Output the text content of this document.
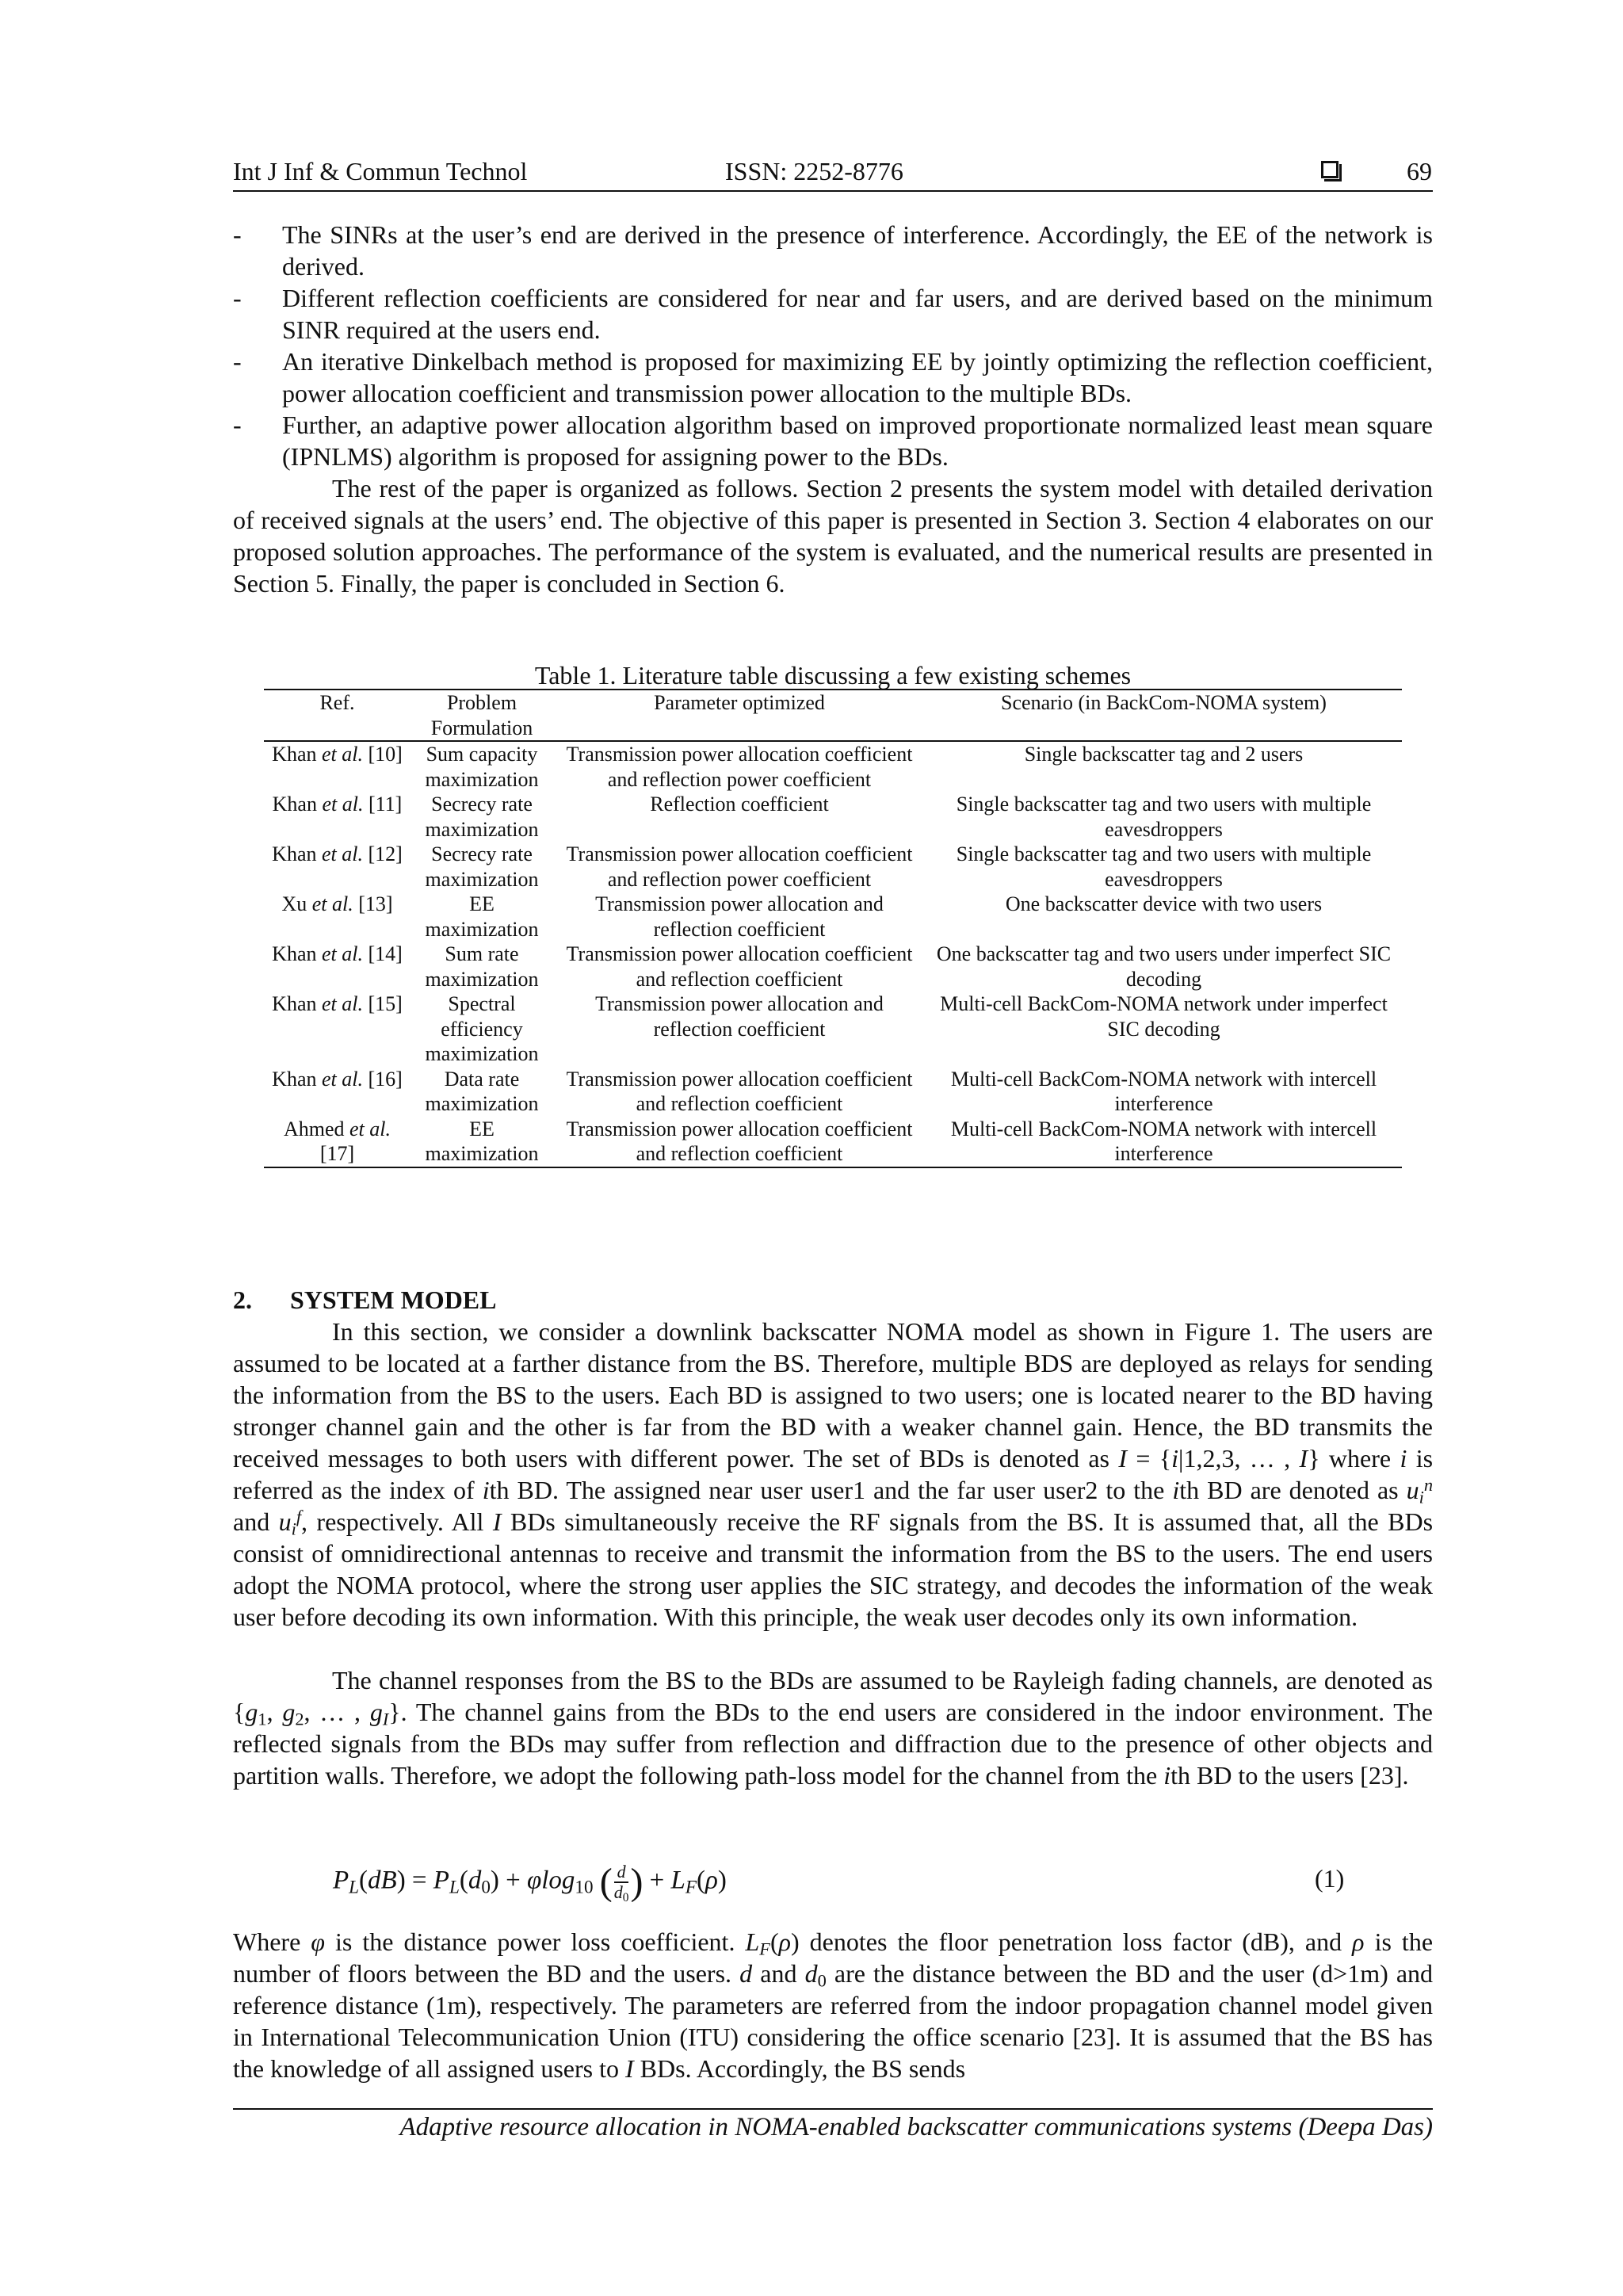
Int J Inf & Commun Technol	ISSN: 2252-8776	69
- The SINRs at the user’s end are derived in the presence of interference. Accordingly, the EE of the network is derived.
- Different reflection coefficients are considered for near and far users, and are derived based on the minimum SINR required at the users end.
- An iterative Dinkelbach method is proposed for maximizing EE by jointly optimizing the reflection coefficient, power allocation coefficient and transmission power allocation to the multiple BDs.
- Further, an adaptive power allocation algorithm based on improved proportionate normalized least mean square (IPNLMS) algorithm is proposed for assigning power to the BDs.
The rest of the paper is organized as follows. Section 2 presents the system model with detailed derivation of received signals at the users’ end. The objective of this paper is presented in Section 3. Section 4 elaborates on our proposed solution approaches. The performance of the system is evaluated, and the numerical results are presented in Section 5. Finally, the paper is concluded in Section 6.
Table 1. Literature table discussing a few existing schemes
Ref.	Problem Formulation	Parameter optimized	Scenario (in BackCom-NOMA system)
Khan et al. [10]	Sum capacity maximization	Transmission power allocation coefficient and reflection power coefficient	Single backscatter tag and 2 users
Khan et al. [11]	Secrecy rate maximization	Reflection coefficient	Single backscatter tag and two users with multiple eavesdroppers
Khan et al. [12]	Secrecy rate maximization	Transmission power allocation coefficient and reflection power coefficient	Single backscatter tag and two users with multiple eavesdroppers
Xu et al. [13]	EE maximization	Transmission power allocation and reflection coefficient	One backscatter device with two users
Khan et al. [14]	Sum rate maximization	Transmission power allocation coefficient and reflection coefficient	One backscatter tag and two users under imperfect SIC decoding
Khan et al. [15]	Spectral efficiency maximization	Transmission power allocation and reflection coefficient	Multi-cell BackCom-NOMA network under imperfect SIC decoding
Khan et al. [16]	Data rate maximization	Transmission power allocation coefficient and reflection coefficient	Multi-cell BackCom-NOMA network with intercell interference
Ahmed et al. [17]	EE maximization	Transmission power allocation coefficient and reflection coefficient	Multi-cell BackCom-NOMA network with intercell interference
2. SYSTEM MODEL
In this section, we consider a downlink backscatter NOMA model as shown in Figure 1. The users are assumed to be located at a farther distance from the BS. Therefore, multiple BDS are deployed as relays for sending the information from the BS to the users. Each BD is assigned to two users; one is located nearer to the BD having stronger channel gain and the other is far from the BD with a weaker channel gain. Hence, the BD transmits the received messages to both users with different power. The set of BDs is denoted as I = {i|1,2,3, … , I} where i is referred as the index of ith BD. The assigned near user user1 and the far user user2 to the ith BD are denoted as $u_i^n$ and $u_i^f$, respectively. All I BDs simultaneously receive the RF signals from the BS. It is assumed that, all the BDs consist of omnidirectional antennas to receive and transmit the information from the BS to the users. The end users adopt the NOMA protocol, where the strong user applies the SIC strategy, and decodes the information of the weak user before decoding its own information. With this principle, the weak user decodes only its own information.
The channel responses from the BS to the BDs are assumed to be Rayleigh fading channels, are denoted as {$g_1$, $g_2$, … , $g_I$}. The channel gains from the BDs to the end users are considered in the indoor environment. The reflected signals from the BDs may suffer from reflection and diffraction due to the presence of other objects and partition walls. Therefore, we adopt the following path-loss model for the channel from the ith BD to the users [23].
$P_L(dB) = P_L(d_0) + \varphi\log_{10}$ ( $\frac{d}{d_0}$ ) + $L_F(\rho)$	(1)
Where φ is the distance power loss coefficient. $L_F(\rho)$ denotes the floor penetration loss factor (dB), and ρ is the number of floors between the BD and the users. d and $d_0$ are the distance between the BD and the user (d>1m) and reference distance (1m), respectively. The parameters are referred from the indoor propagation channel model given in International Telecommunication Union (ITU) considering the office scenario [23]. It is assumed that the BS has the knowledge of all assigned users to I BDs. Accordingly, the BS sends
Adaptive resource allocation in NOMA-enabled backscatter communications systems (Deepa Das)
